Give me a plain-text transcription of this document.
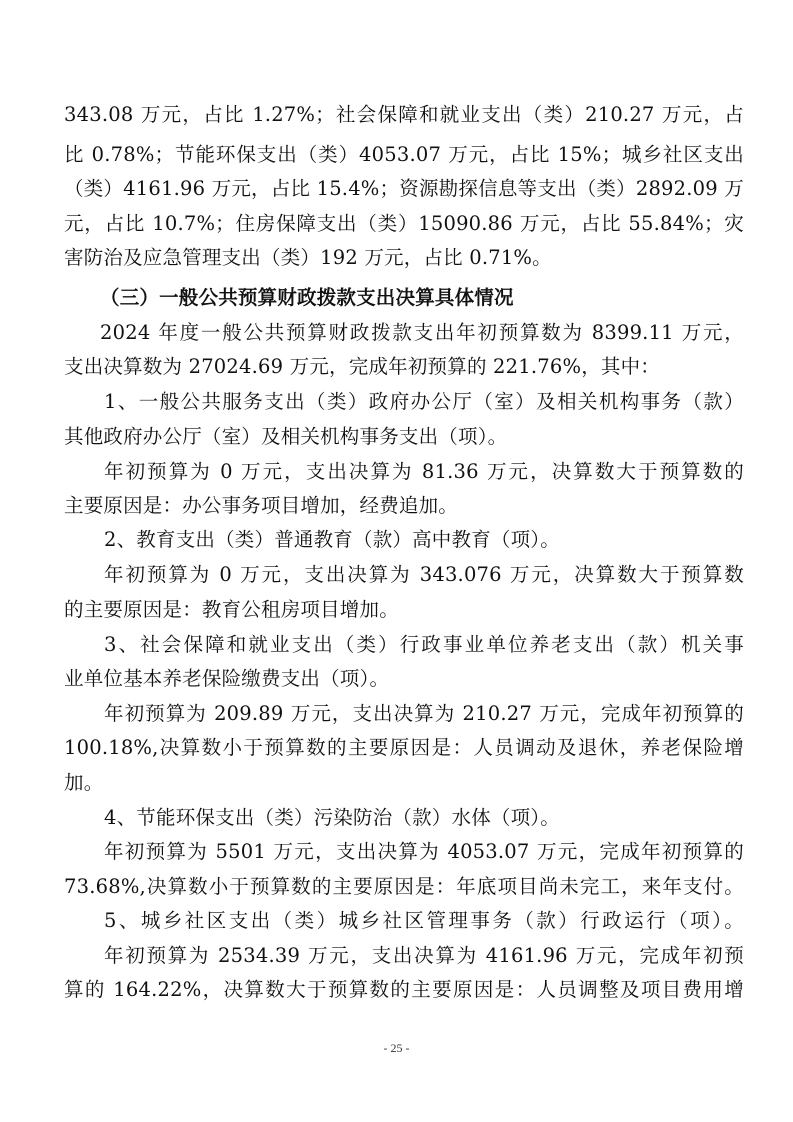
343.08 万元，占比 1.27%；社会保障和就业支出（类）210.27 万元，占
比 0.78%；节能环保支出（类）4053.07 万元，占比 15%；城乡社区支出
（类）4161.96 万元，占比 15.4%；资源勘探信息等支出（类）2892.09 万
元，占比 10.7%；住房保障支出（类）15090.86 万元，占比 55.84%；灾
害防治及应急管理支出（类）192 万元，占比 0.71%。
（三）一般公共预算财政拨款支出决算具体情况
2024 年度一般公共预算财政拨款支出年初预算数为 8399.11 万元，
支出决算数为 27024.69 万元，完成年初预算的 221.76%，其中：
1、一般公共服务支出（类）政府办公厅（室）及相关机构事务（款）
其他政府办公厅（室）及相关机构事务支出（项）。
年初预算为 0 万元，支出决算为 81.36 万元，决算数大于预算数的
主要原因是：办公事务项目增加，经费追加。
2、教育支出（类）普通教育（款）高中教育（项）。
年初预算为 0 万元，支出决算为 343.076 万元，决算数大于预算数
的主要原因是：教育公租房项目增加。
3、社会保障和就业支出（类）行政事业单位养老支出（款）机关事
业单位基本养老保险缴费支出（项）。
年初预算为 209.89 万元，支出决算为 210.27 万元，完成年初预算的
100.18%,决算数小于预算数的主要原因是：人员调动及退休，养老保险增
加。
4、节能环保支出（类）污染防治（款）水体（项）。
年初预算为 5501 万元，支出决算为 4053.07 万元，完成年初预算的
73.68%,决算数小于预算数的主要原因是：年底项目尚未完工，来年支付。
5、城乡社区支出（类）城乡社区管理事务（款）行政运行（项）。
年初预算为 2534.39 万元，支出决算为 4161.96 万元，完成年初预
算的 164.22%，决算数大于预算数的主要原因是：人员调整及项目费用增
- 25 -
